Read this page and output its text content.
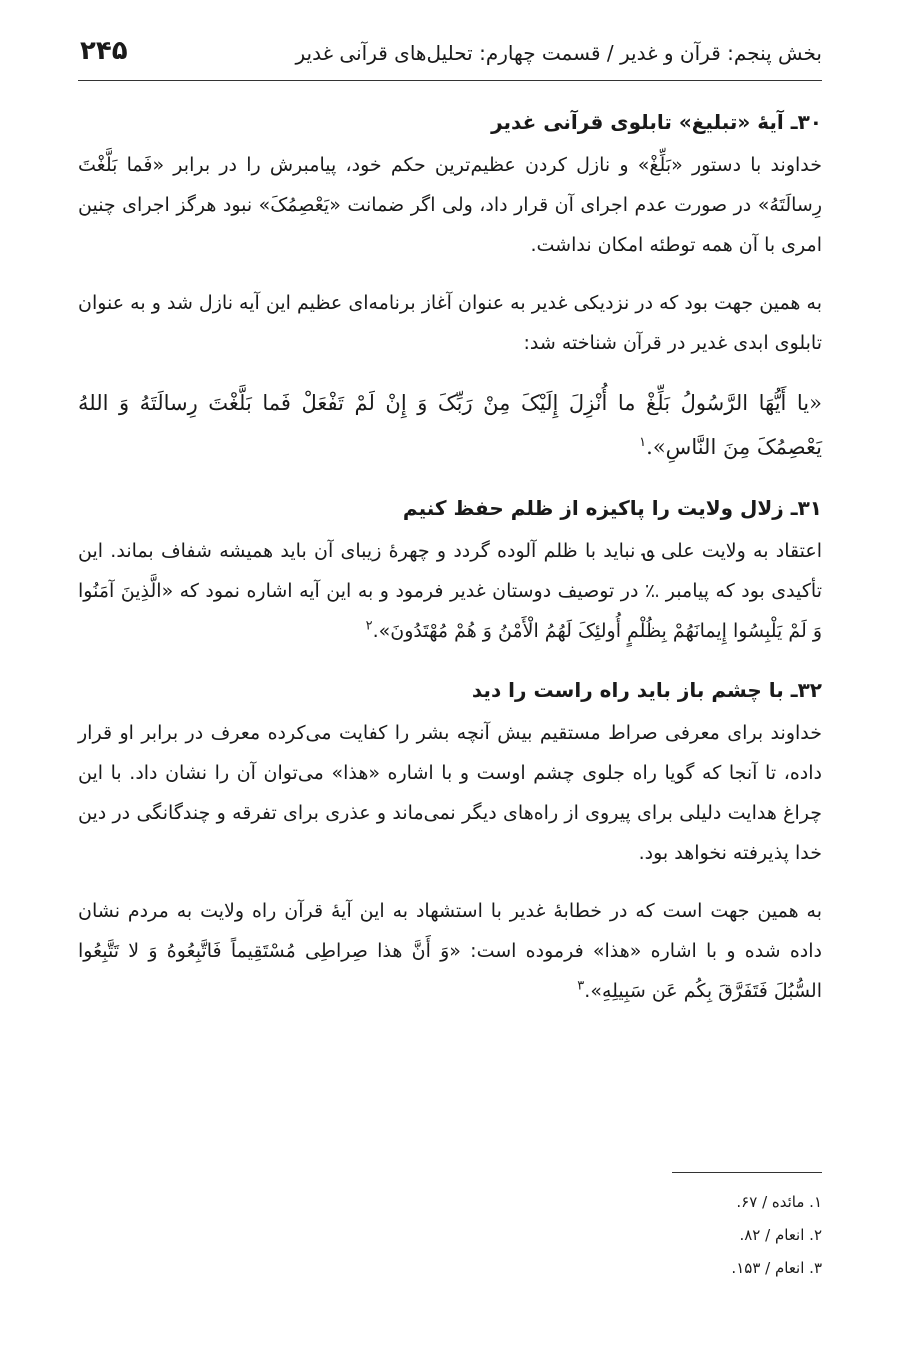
بخش پنجم: قرآن و غدیر / قسمت چهارم: تحلیل‌های قرآنی غدیر
۲۴۵
۳۰ـ آیهٔ «تبلیغ» تابلوی قرآنی غدیر

خداوند با دستور «بَلِّغْ» و نازل کردن عظیم‌ترین حکم خود، پیامبرش را در برابر «فَما بَلَّغْتَ رِسالَتَهُ» در صورت عدم اجرای آن قرار داد، ولی اگر ضمانت «یَعْصِمُکَ» نبود هرگز اجرای چنین امری با آن همه توطئه امکان نداشت.

به همین جهت بود که در نزدیکی غدیر به عنوان آغاز برنامه‌ای عظیم این آیه نازل شد و به عنوان تابلوی ابدی غدیر در قرآن شناخته شد:

«یا أَیُّهَا الرَّسُولُ بَلِّغْ ما أُنْزِلَ إِلَیْکَ مِنْ رَبِّکَ وَ إِنْ لَمْ تَفْعَلْ فَما بَلَّغْتَ رِسالَتَهُ وَ اللهُ یَعْصِمُکَ مِنَ النَّاسِ».$^۱$

۳۱ـ زلال ولایت را پاکیزه از ظلم حفظ کنیم

اعتقاد به ولایت علی ؈ نباید با ظلم آلوده گردد و چهرهٔ زیبای آن باید همیشه شفاف بماند. این تأکیدی بود که پیامبر ؉ در توصیف دوستان غدیر فرمود و به این آیه اشاره نمود که «الَّذِینَ آمَنُوا وَ لَمْ یَلْبِسُوا إِیمانَهُمْ بِظُلْمٍ أُولئِکَ لَهُمُ الْأَمْنُ وَ هُمْ مُهْتَدُونَ».$^۲$

۳۲ـ با چشم باز باید راه راست را دید

خداوند برای معرفی صراط مستقیم بیش آنچه بشر را کفایت می‌کرده معرف در برابر او قرار داده، تا آنجا که گویا راه جلوی چشم اوست و با اشاره «هذا» می‌توان آن را نشان داد. با این چراغ هدایت دلیلی برای پیروی از راه‌های دیگر نمی‌ماند و عذری برای تفرقه و چندگانگی در دین خدا پذیرفته نخواهد بود.

به همین جهت است که در خطابهٔ غدیر با استشهاد به این آیهٔ قرآن راه ولایت به مردم نشان داده شده و با اشاره «هذا» فرموده است: «وَ أَنَّ هذا صِراطِی مُسْتَقِیماً فَاتَّبِعُوهُ وَ لا تَتَّبِعُوا السُّبُلَ فَتَفَرَّقَ بِکُم عَن سَبِیلِهِ».$^۳$

۱. مائده / ۶۷.
۲. انعام / ۸۲.
۳. انعام / ۱۵۳.
